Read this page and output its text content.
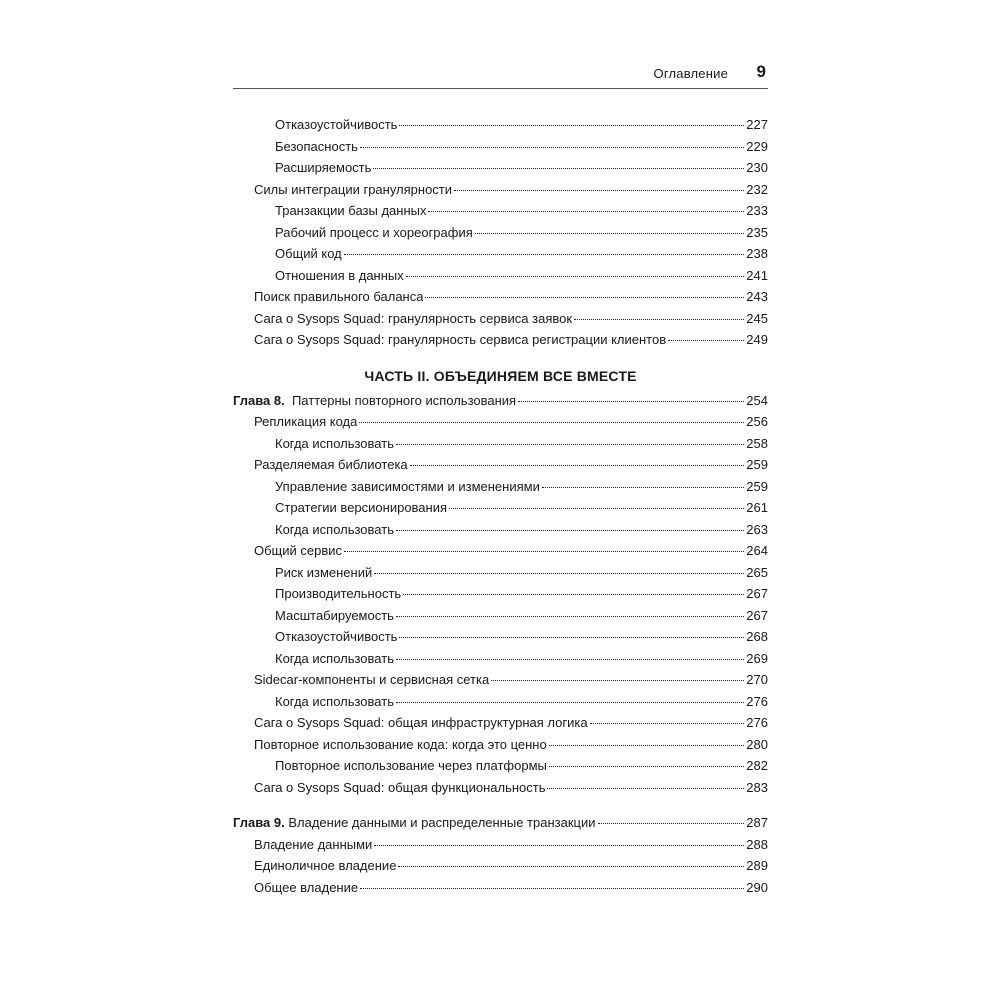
Оглавление 9
Отказоустойчивость	227
Безопасность	229
Расширяемость	230
Силы интеграции гранулярности	232
Транзакции базы данных	233
Рабочий процесс и хореография	235
Общий код	238
Отношения в данных	241
Поиск правильного баланса	243
Сага о Sysops Squad: гранулярность сервиса заявок	245
Сага о Sysops Squad: гранулярность сервиса регистрации клиентов	249
ЧАСТЬ II. ОБЪЕДИНЯЕМ ВСЕ ВМЕСТЕ
Глава 8. Паттерны повторного использования	254
Репликация кода	256
Когда использовать	258
Разделяемая библиотека	259
Управление зависимостями и изменениями	259
Стратегии версионирования	261
Когда использовать	263
Общий сервис	264
Риск изменений	265
Производительность	267
Масштабируемость	267
Отказоустойчивость	268
Когда использовать	269
Sidecar-компоненты и сервисная сетка	270
Когда использовать	276
Сага о Sysops Squad: общая инфраструктурная логика	276
Повторное использование кода: когда это ценно	280
Повторное использование через платформы	282
Сага о Sysops Squad: общая функциональность	283
Глава 9. Владение данными и распределенные транзакции	287
Владение данными	288
Единоличное владение	289
Общее владение	290
